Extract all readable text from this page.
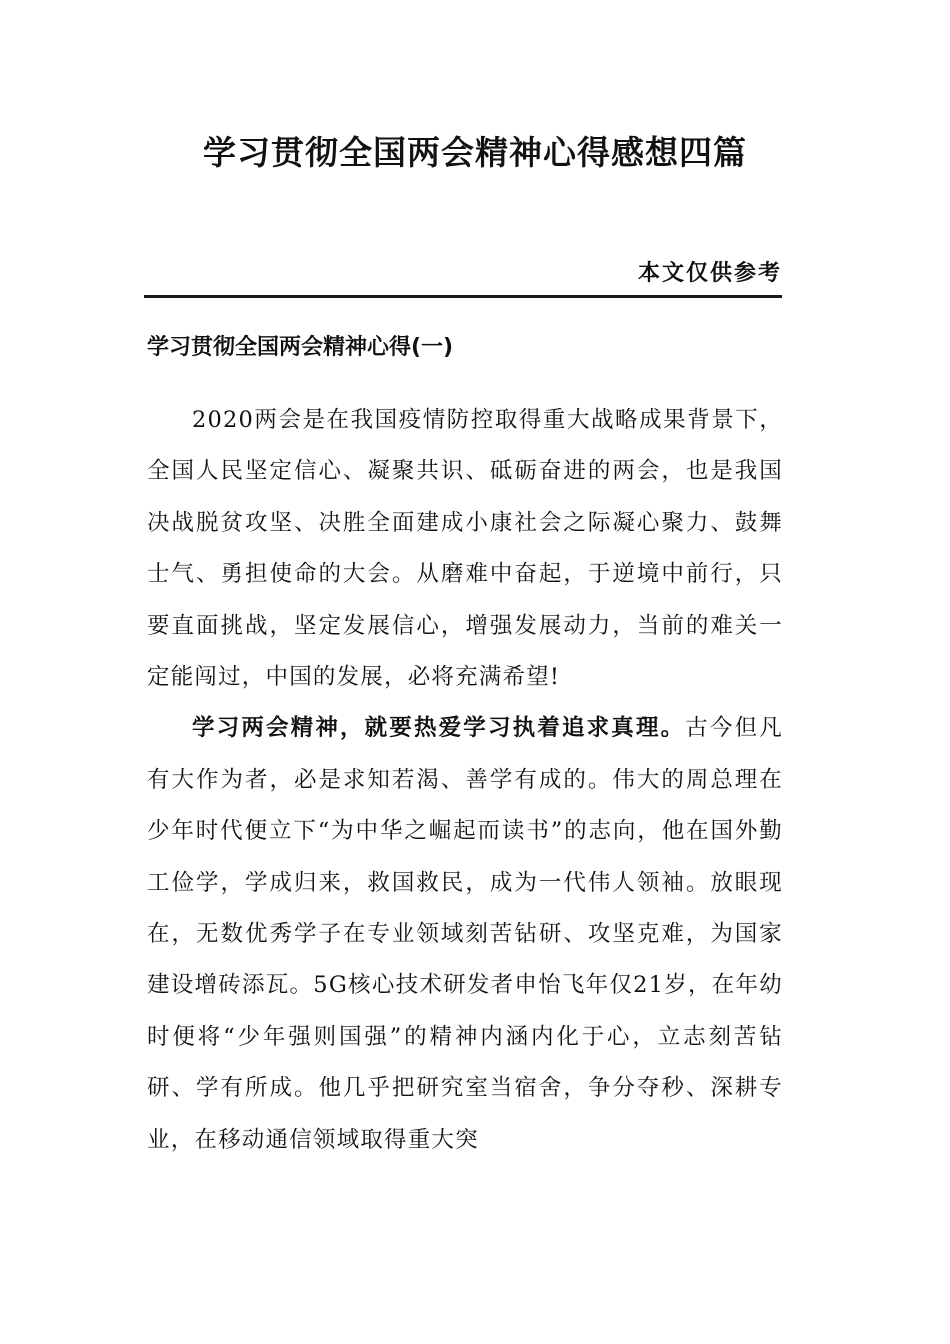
学习贯彻全国两会精神心得感想四篇
本文仅供参考
学习贯彻全国两会精神心得(一)

2020两会是在我国疫情防控取得重大战略成果背景下，全国人民坚定信心、凝聚共识、砥砺奋进的两会，也是我国决战脱贫攻坚、决胜全面建成小康社会之际凝心聚力、鼓舞士气、勇担使命的大会。从磨难中奋起，于逆境中前行，只要直面挑战，坚定发展信心，增强发展动力，当前的难关一定能闯过，中国的发展，必将充满希望!

学习两会精神，就要热爱学习执着追求真理。古今但凡有大作为者，必是求知若渴、善学有成的。伟大的周总理在少年时代便立下“为中华之崛起而读书”的志向，他在国外勤工俭学，学成归来，救国救民，成为一代伟人领袖。放眼现在，无数优秀学子在专业领域刻苦钻研、攻坚克难，为国家建设增砖添瓦。5G核心技术研发者申怡飞年仅21岁，在年幼时便将“少年强则国强”的精神内涵内化于心，立志刻苦钻研、学有所成。他几乎把研究室当宿舍，争分夺秒、深耕专业，在移动通信领域取得重大突
